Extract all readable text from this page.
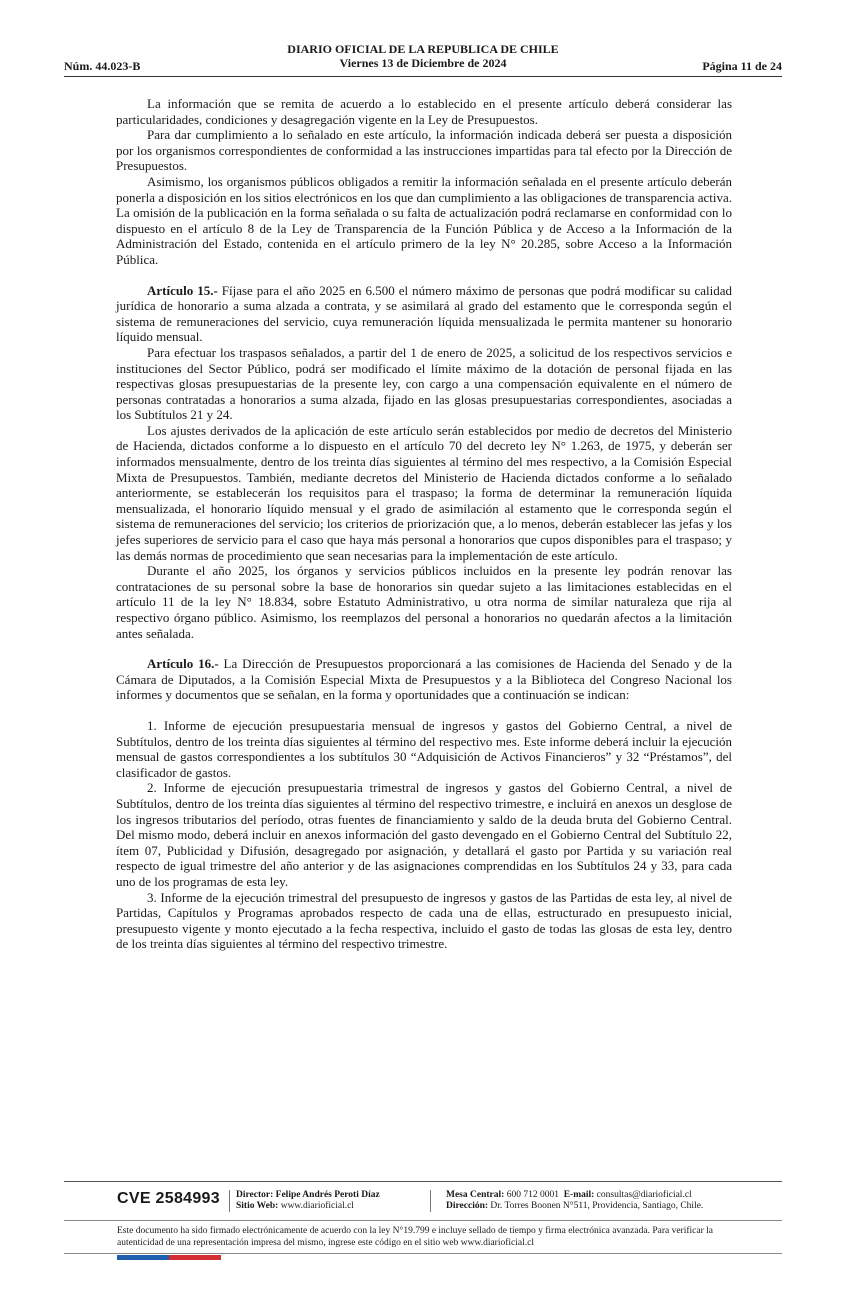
Núm. 44.023-B
DIARIO OFICIAL DE LA REPUBLICA DE CHILE
Viernes 13 de Diciembre de 2024	Página 11 de 24

La información que se remita de acuerdo a lo establecido en el presente artículo deberá considerar las particularidades, condiciones y desagregación vigente en la Ley de Presupuestos.

Para dar cumplimiento a lo señalado en este artículo, la información indicada deberá ser puesta a disposición por los organismos correspondientes de conformidad a las instrucciones impartidas para tal efecto por la Dirección de Presupuestos.

Asimismo, los organismos públicos obligados a remitir la información señalada en el presente artículo deberán ponerla a disposición en los sitios electrónicos en los que dan cumplimiento a las obligaciones de transparencia activa. La omisión de la publicación en la forma señalada o su falta de actualización podrá reclamarse en conformidad con lo dispuesto en el artículo 8 de la Ley de Transparencia de la Función Pública y de Acceso a la Información de la Administración del Estado, contenida en el artículo primero de la ley N° 20.285, sobre Acceso a la Información Pública.

Artículo 15.- Fíjase para el año 2025 en 6.500 el número máximo de personas que podrá modificar su calidad jurídica de honorario a suma alzada a contrata, y se asimilará al grado del estamento que le corresponda según el sistema de remuneraciones del servicio, cuya remuneración líquida mensualizada le permita mantener su honorario líquido mensual.

Para efectuar los traspasos señalados, a partir del 1 de enero de 2025, a solicitud de los respectivos servicios e instituciones del Sector Público, podrá ser modificado el límite máximo de la dotación de personal fijada en las respectivas glosas presupuestarias de la presente ley, con cargo a una compensación equivalente en el número de personas contratadas a honorarios a suma alzada, fijado en las glosas presupuestarias correspondientes, asociadas a los Subtítulos 21 y 24.

Los ajustes derivados de la aplicación de este artículo serán establecidos por medio de decretos del Ministerio de Hacienda, dictados conforme a lo dispuesto en el artículo 70 del decreto ley N° 1.263, de 1975, y deberán ser informados mensualmente, dentro de los treinta días siguientes al término del mes respectivo, a la Comisión Especial Mixta de Presupuestos. También, mediante decretos del Ministerio de Hacienda dictados conforme a lo señalado anteriormente, se establecerán los requisitos para el traspaso; la forma de determinar la remuneración líquida mensualizada, el honorario líquido mensual y el grado de asimilación al estamento que le corresponda según el sistema de remuneraciones del servicio; los criterios de priorización que, a lo menos, deberán establecer las jefas y los jefes superiores de servicio para el caso que haya más personal a honorarios que cupos disponibles para el traspaso; y las demás normas de procedimiento que sean necesarias para la implementación de este artículo.

Durante el año 2025, los órganos y servicios públicos incluidos en la presente ley podrán renovar las contrataciones de su personal sobre la base de honorarios sin quedar sujeto a las limitaciones establecidas en el artículo 11 de la ley N° 18.834, sobre Estatuto Administrativo, u otra norma de similar naturaleza que rija al respectivo órgano público. Asimismo, los reemplazos del personal a honorarios no quedarán afectos a la limitación antes señalada.

Artículo 16.- La Dirección de Presupuestos proporcionará a las comisiones de Hacienda del Senado y de la Cámara de Diputados, a la Comisión Especial Mixta de Presupuestos y a la Biblioteca del Congreso Nacional los informes y documentos que se señalan, en la forma y oportunidades que a continuación se indican:

1. Informe de ejecución presupuestaria mensual de ingresos y gastos del Gobierno Central, a nivel de Subtítulos, dentro de los treinta días siguientes al término del respectivo mes. Este informe deberá incluir la ejecución mensual de gastos correspondientes a los subtítulos 30 “Adquisición de Activos Financieros” y 32 “Préstamos”, del clasificador de gastos.

2. Informe de ejecución presupuestaria trimestral de ingresos y gastos del Gobierno Central, a nivel de Subtítulos, dentro de los treinta días siguientes al término del respectivo trimestre, e incluirá en anexos un desglose de los ingresos tributarios del período, otras fuentes de financiamiento y saldo de la deuda bruta del Gobierno Central. Del mismo modo, deberá incluir en anexos información del gasto devengado en el Gobierno Central del Subtítulo 22, ítem 07, Publicidad y Difusión, desagregado por asignación, y detallará el gasto por Partida y su variación real respecto de igual trimestre del año anterior y de las asignaciones comprendidas en los Subtítulos 24 y 33, para cada uno de los programas de esta ley.

3. Informe de la ejecución trimestral del presupuesto de ingresos y gastos de las Partidas de esta ley, al nivel de Partidas, Capítulos y Programas aprobados respecto de cada una de ellas, estructurado en presupuesto inicial, presupuesto vigente y monto ejecutado a la fecha respectiva, incluido el gasto de todas las glosas de esta ley, dentro de los treinta días siguientes al término del respectivo trimestre.

CVE 2584993 Director: Felipe Andrés Peroti Díaz
Sitio Web: www.diarioficial.cl
Mesa Central: 600 712 0001 E-mail: consultas@diarioficial.cl
Dirección: Dr. Torres Boonen N°511, Providencia, Santiago, Chile.
Este documento ha sido firmado electrónicamente de acuerdo con la ley N°19.799 e incluye sellado de tiempo y firma electrónica avanzada. Para verificar la autenticidad de una representación impresa del mismo, ingrese este código en el sitio web www.diarioficial.cl
